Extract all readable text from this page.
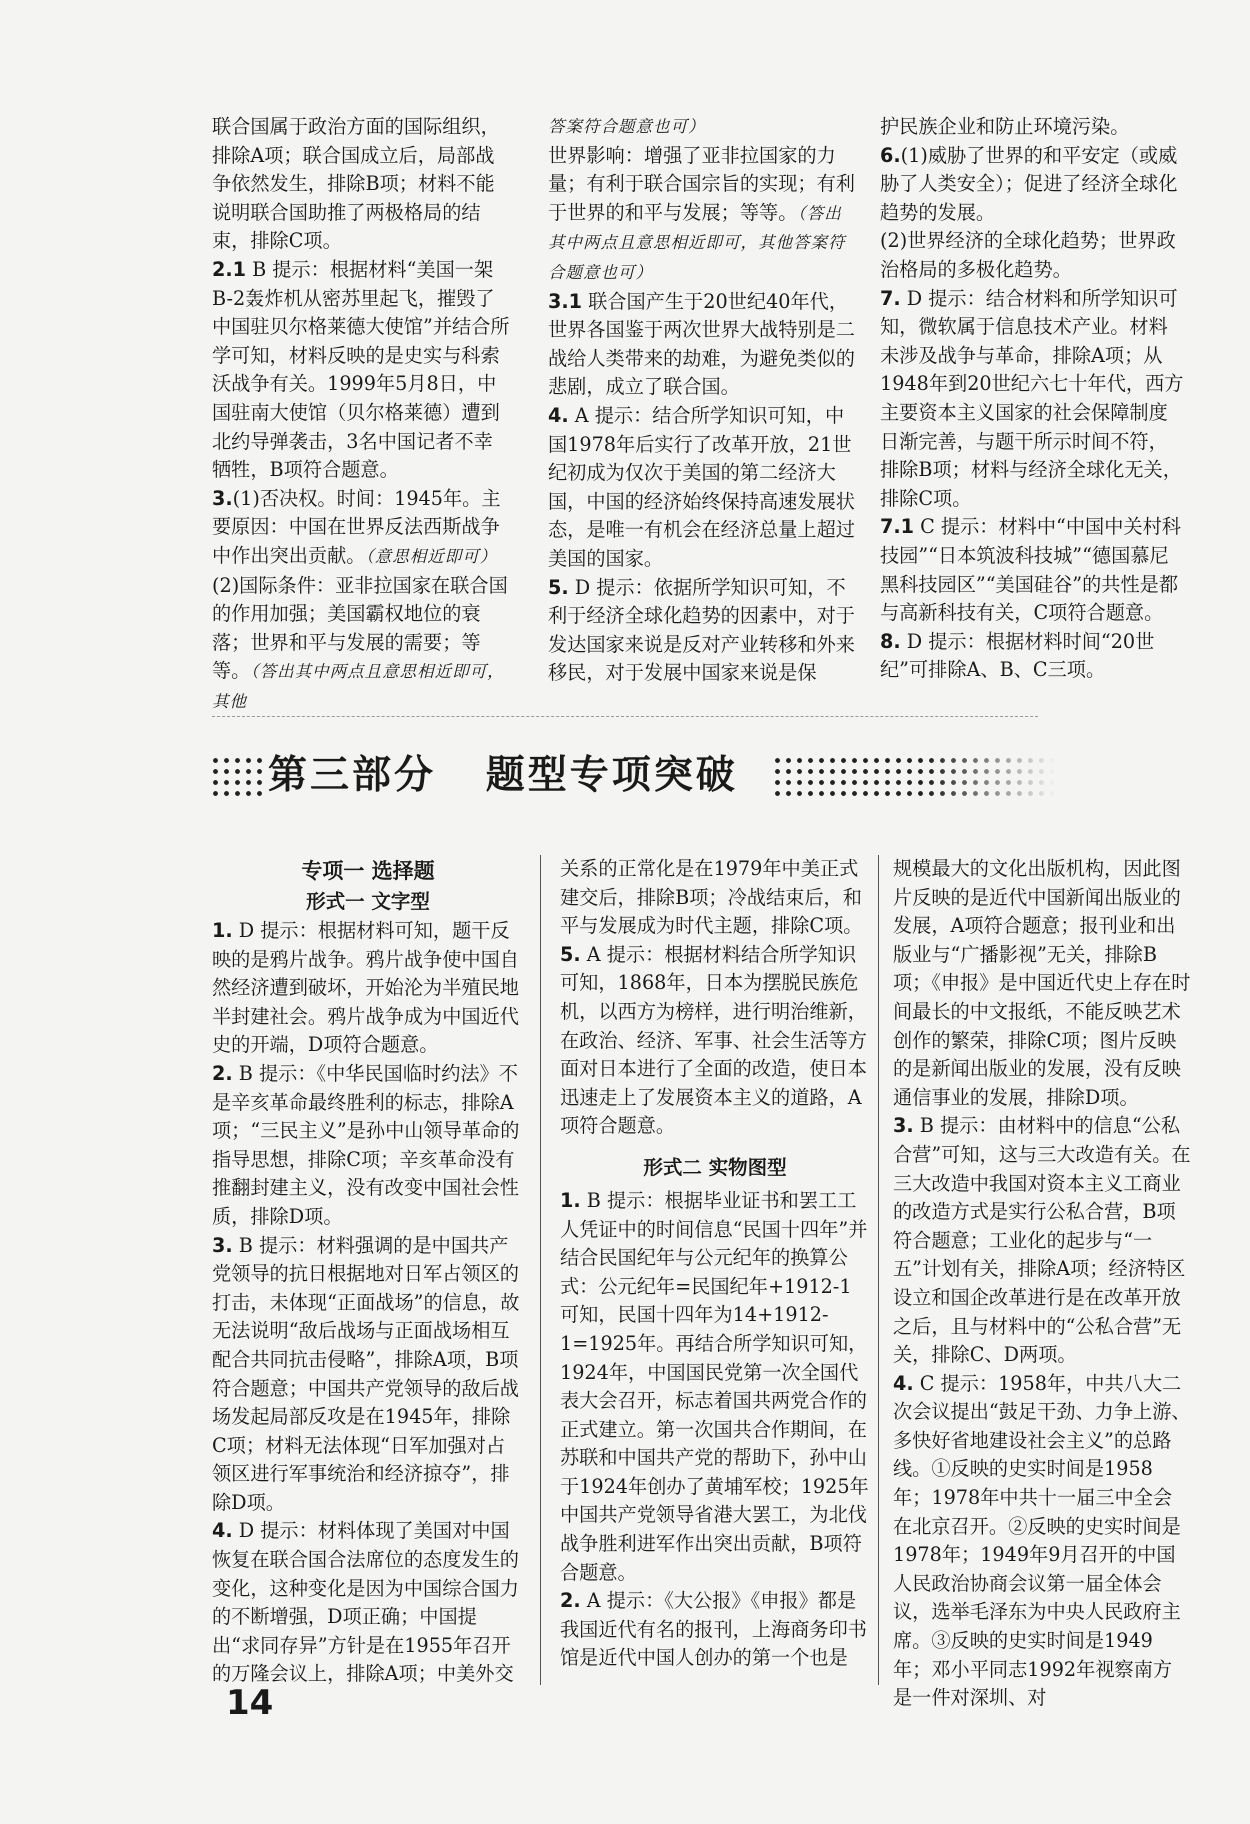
联合国属于政治方面的国际组织，排除A项；联合国成立后，局部战争依然发生，排除B项；材料不能说明联合国助推了两极格局的结束，排除C项。

2.1 B 提示：根据材料“美国一架B-2轰炸机从密苏里起飞，摧毁了中国驻贝尔格莱德大使馆”并结合所学可知，材料反映的是史实与科索沃战争有关。1999年5月8日，中国驻南大使馆（贝尔格莱德）遭到北约导弹袭击，3名中国记者不幸牺牲，B项符合题意。

3.(1)否决权。时间：1945年。主要原因：中国在世界反法西斯战争中作出突出贡献。（意思相近即可）

(2)国际条件：亚非拉国家在联合国的作用加强；美国霸权地位的衰落；世界和平与发展的需要；等等。（答出其中两点且意思相近即可，其他

答案符合题意也可）

世界影响：增强了亚非拉国家的力量；有利于联合国宗旨的实现；有利于世界的和平与发展；等等。（答出其中两点且意思相近即可，其他答案符合题意也可）

3.1 联合国产生于20世纪40年代，世界各国鉴于两次世界大战特别是二战给人类带来的劫难，为避免类似的悲剧，成立了联合国。

4. A 提示：结合所学知识可知，中国1978年后实行了改革开放，21世纪初成为仅次于美国的第二经济大国，中国的经济始终保持高速发展状态，是唯一有机会在经济总量上超过美国的国家。

5. D 提示：依据所学知识可知，不利于经济全球化趋势的因素中，对于发达国家来说是反对产业转移和外来移民，对于发展中国家来说是保

护民族企业和防止环境污染。

6.(1)威胁了世界的和平安定（或威胁了人类安全）；促进了经济全球化趋势的发展。

(2)世界经济的全球化趋势；世界政治格局的多极化趋势。

7. D 提示：结合材料和所学知识可知，微软属于信息技术产业。材料未涉及战争与革命，排除A项；从1948年到20世纪六七十年代，西方主要资本主义国家的社会保障制度日渐完善，与题干所示时间不符，排除B项；材料与经济全球化无关，排除C项。

7.1 C 提示：材料中“中国中关村科技园”“日本筑波科技城”“德国慕尼黑科技园区”“美国硅谷”的共性是都与高新科技有关，C项符合题意。

8. D 提示：根据材料时间“20世纪”可排除A、B、C三项。

第三部分   题型专项突破
专项一 选择题
形式一 文字型

1. D 提示：根据材料可知，题干反映的是鸦片战争。鸦片战争使中国自然经济遭到破坏，开始沦为半殖民地半封建社会。鸦片战争成为中国近代史的开端，D项符合题意。

2. B 提示：《中华民国临时约法》不是辛亥革命最终胜利的标志，排除A项；“三民主义”是孙中山领导革命的指导思想，排除C项；辛亥革命没有推翻封建主义，没有改变中国社会性质，排除D项。

3. B 提示：材料强调的是中国共产党领导的抗日根据地对日军占领区的打击，未体现“正面战场”的信息，故无法说明“敌后战场与正面战场相互配合共同抗击侵略”，排除A项，B项符合题意；中国共产党领导的敌后战场发起局部反攻是在1945年，排除C项；材料无法体现“日军加强对占领区进行军事统治和经济掠夺”，排除D项。

4. D 提示：材料体现了美国对中国恢复在联合国合法席位的态度发生的变化，这种变化是因为中国综合国力的不断增强，D项正确；中国提出“求同存异”方针是在1955年召开的万隆会议上，排除A项；中美外交

关系的正常化是在1979年中美正式建交后，排除B项；冷战结束后，和平与发展成为时代主题，排除C项。

5. A 提示：根据材料结合所学知识可知，1868年，日本为摆脱民族危机，以西方为榜样，进行明治维新，在政治、经济、军事、社会生活等方面对日本进行了全面的改造，使日本迅速走上了发展资本主义的道路，A项符合题意。

形式二 实物图型

1. B 提示：根据毕业证书和罢工工人凭证中的时间信息“民国十四年”并结合民国纪年与公元纪年的换算公式：公元纪年=民国纪年+1912-1可知，民国十四年为14+1912-1=1925年。再结合所学知识可知，1924年，中国国民党第一次全国代表大会召开，标志着国共两党合作的正式建立。第一次国共合作期间，在苏联和中国共产党的帮助下，孙中山于1924年创办了黄埔军校；1925年中国共产党领导省港大罢工，为北伐战争胜利进军作出突出贡献，B项符合题意。

2. A 提示：《大公报》《申报》都是我国近代有名的报刊，上海商务印书馆是近代中国人创办的第一个也是

规模最大的文化出版机构，因此图片反映的是近代中国新闻出版业的发展，A项符合题意；报刊业和出版业与“广播影视”无关，排除B项；《申报》是中国近代史上存在时间最长的中文报纸，不能反映艺术创作的繁荣，排除C项；图片反映的是新闻出版业的发展，没有反映通信事业的发展，排除D项。

3. B 提示：由材料中的信息“公私合营”可知，这与三大改造有关。在三大改造中我国对资本主义工商业的改造方式是实行公私合营，B项符合题意；工业化的起步与“一五”计划有关，排除A项；经济特区设立和国企改革进行是在改革开放之后，且与材料中的“公私合营”无关，排除C、D两项。

4. C 提示：1958年，中共八大二次会议提出“鼓足干劲、力争上游、多快好省地建设社会主义”的总路线。①反映的史实时间是1958年；1978年中共十一届三中全会在北京召开。②反映的史实时间是1978年；1949年9月召开的中国人民政治协商会议第一届全体会议，选举毛泽东为中央人民政府主席。③反映的史实时间是1949年；邓小平同志1992年视察南方是一件对深圳、对

14
